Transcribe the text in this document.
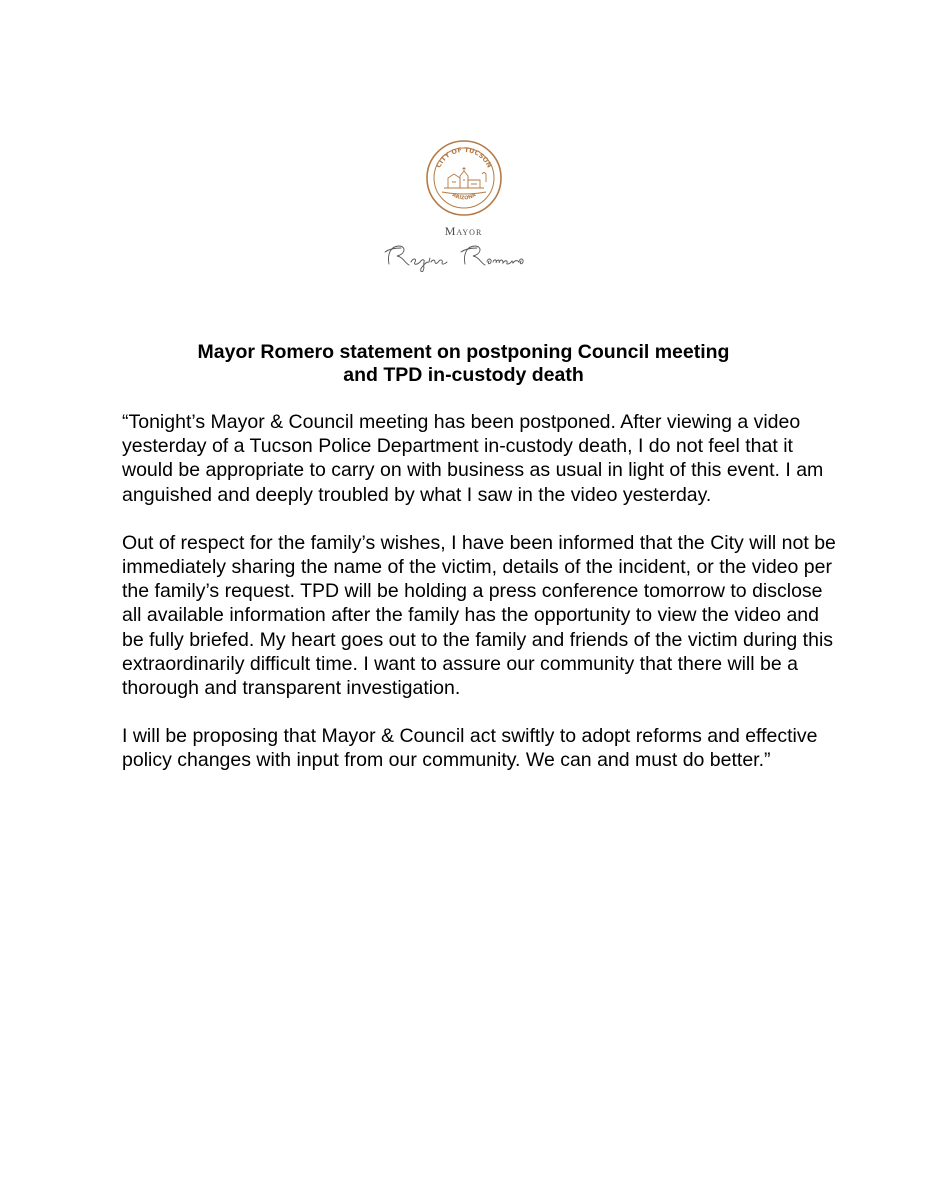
CITY OF TUCSON
ARIZONA
Mayor
Mayor Romero statement on postponing Council meeting
and TPD in-custody death

“Tonight’s Mayor & Council meeting has been postponed. After viewing a video yesterday of a Tucson Police Department in-custody death, I do not feel that it would be appropriate to carry on with business as usual in light of this event. I am anguished and deeply troubled by what I saw in the video yesterday.

Out of respect for the family’s wishes, I have been informed that the City will not be immediately sharing the name of the victim, details of the incident, or the video per the family’s request. TPD will be holding a press conference tomorrow to disclose all available information after the family has the opportunity to view the video and be fully briefed. My heart goes out to the family and friends of the victim during this extraordinarily difficult time. I want to assure our community that there will be a thorough and transparent investigation.

I will be proposing that Mayor & Council act swiftly to adopt reforms and effective policy changes with input from our community. We can and must do better.”
